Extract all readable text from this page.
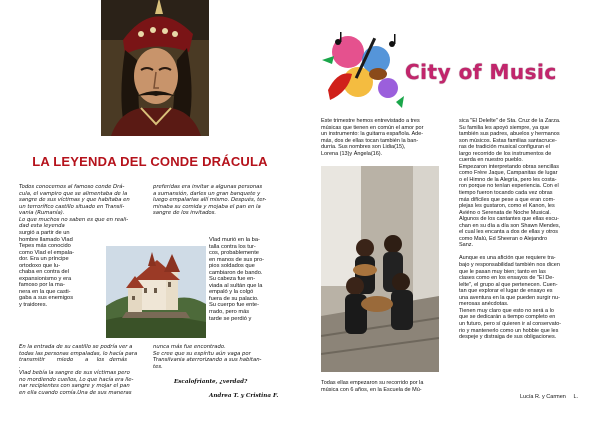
LA LEYENDA DEL CONDE DRÁCULA
Todos conocemos al famoso conde Drá-
cula, el vampiro que se alimentaba de la
sangre de sus víctimas y que habitaba en
un terrorífico castillo situado en Transil-
vania (Rumanía).
Lo que muchos no saben es que en reali-
dad esta leyenda
surgió a partir de un
hombre llamado Vlad
Tepes más conocido
como Vlad el empala-
dor. Era un príncipe
ortodoxo que lu-
chaba en contra del
expansionismo y era
famoso por la ma-
nera en la que casti-
gaba a sus enemigos
y traidores.
En la entrada de su castillo se podría ver a
todas las personas empaladas, lo hacía para
transmitir       miedo       a     los   demás
.
Vlad bebía la sangre de sus víctimas pero
no mordiendo cuellos, Lo que hacía era lle-
nar recipientes con sangre y mojar el pan
en ella cuando comía.Una de sus maneras
preferidas era invitar a algunas personas
a sumansión, darles un gran banquete y
luego empalarlas allí mismo. Después, ter-
minaba su comida y mojaba el pan en la
sangre de los invitados.
Vlad murió en la ba-
talla contra los tur-
cos, probablemente
en manos de sus pro-
pios soldados que
cambiaron de bando.
Su cabeza fue en-
viada al sultán que la
empaló y la colgó
fuera de su palacio.
Su cuerpo fue ente-
rrado, pero más
tarde se perdió y
nunca más fue encontrado.
Se cree que su espíritu aún vaga por
Transilvania aterrorizando a sus habitan-
tes.
Escalofriante, ¿verdad?
Andrea T. y Cristina F.
City of Music
Este trimestre hemos entrevistado a tres
músicas que tienen en común el amor por
un instrumento: la guitarra española. Ade-
más, dos de ellas tocan también la ban-
durria. Sus nombres son Lidia(15),
Lorena (13)y Ángela(16).
Todas ellas empezaron su recorrido por la
música con 6 años, en la Escuela de Mú-
sica "El Delelte" de Sta. Cruz de la Zarza.
Su familia les apoyó siempre, ya que
también sus padres, abuelos y hermanos
son músicos. Estas familias santacruce-
ras de tradición musical configuran el
largo recorrido de los instrumentos de
cuerda en nuestro pueblo.
Empezaron interpretando obras sencillas
como Frère Jaque, Campanitas de lugar
o el Himno de la Alegría, pero les costa-
ron porque no tenían experiencia. Con el
tiempo fueron tocando cada vez obras
más difíciles que pese a que eran com-
plejas les gustaron, como el Kanon, les
Aviéno o Serenata de Noche Musical.
Algunos de los cantantes que ellas escu-
chan en su día a día son Shawn Mendes,
el cual les encanta a dos de ellas y otros
como Malú, Ed Sheeran o Alejandro
Sanz.

Aunque es una afición que requiere tra-
bajo y responsabilidad también nos dicen
que le pasan muy bien; tanto en las
clases como en los ensayos de "El De-
lelte", el grupo al que pertenecen. Cuen-
tan que explorar el lugar de ensayo es
una aventura en la que pueden surgir nu-
merosas anécdotas.
Tienen muy claro que esto no será a lo
que se dedicarán a tiempo completo en
un futuro, pero sí quieren ir al conservato-
rio y mantenerlo como un hobbie que les
despeje y distraiga de sus obligaciones.
Lucía R. y Carmen     L.
